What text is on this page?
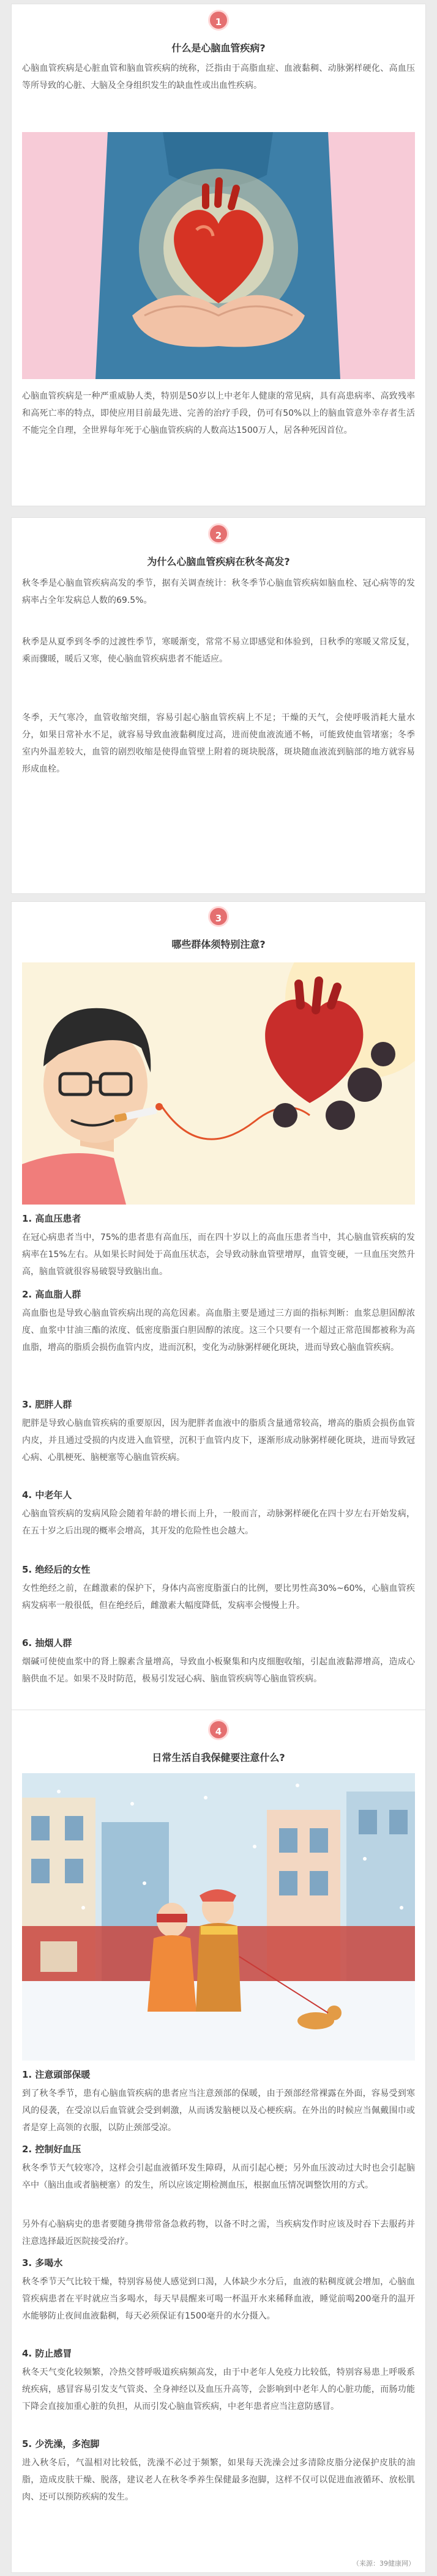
1
什么是心脑血管疾病?
心脑血管疾病是心脏血管和脑血管疾病的统称，泛指由于高脂血症、血液黏稠、动脉粥样硬化、高血压等所导致的心脏、大脑及全身组织发生的缺血性或出血性疾病。
心脑血管疾病是一种严重威胁人类，特别是50岁以上中老年人健康的常见病，具有高患病率、高致残率和高死亡率的特点，即使应用目前最先进、完善的治疗手段，仍可有50%以上的脑血管意外幸存者生活不能完全自理，全世界每年死于心脑血管疾病的人数高达1500万人，居各种死因首位。
2
为什么心脑血管疾病在秋冬高发?
秋冬季是心脑血管疾病高发的季节，据有关调查统计：秋冬季节心脑血管疾病如脑血栓、冠心病等的发病率占全年发病总人数的69.5%。
秋季是从夏季到冬季的过渡性季节，寒暖渐变，常常不易立即感觉和体验到，日秋季的寒暖又常反复，乘而骤暖，暖后又寒，使心脑血管疾病患者不能适应。
冬季，天气寒冷，血管收缩突细，容易引起心脑血管疾病上不足；干燥的天气，会使呼吸消耗大量水分，如果日常补水不足，就容易导致血液黏稠度过高，进而使血液流通不畅，可能致使血管堵塞；冬季室内外温差较大，血管的剧烈收缩是使得血管壁上附着的斑块脱落，斑块随血液流到脑部的地方就容易形成血栓。
3
哪些群体须特别注意?
1. 高血压患者
在冠心病患者当中，75%的患者患有高血压，而在四十岁以上的高血压患者当中，其心脑血管疾病的发病率在15%左右。从如果长时间处于高血压状态，会导致动脉血管壁增厚，血管变硬，一旦血压突然升高，脑血管就很容易破裂导致脑出血。
2. 高血脂人群
高血脂也是导致心脑血管疾病出现的高危因素。高血脂主要是通过三方面的指标判断：血浆总胆固醇浓度、血浆中甘油三酯的浓度、低密度脂蛋白胆固醇的浓度。这三个只要有一个超过正常范围都被称为高血脂，增高的脂质会损伤血管内皮，进而沉积，变化为动脉粥样硬化斑块，进而导致心脑血管疾病。
3. 肥胖人群
肥胖是导致心脑血管疾病的重要原因，因为肥胖者血液中的脂质含量通常较高，增高的脂质会损伤血管内皮，并且通过受损的内皮进入血管壁，沉积于血管内皮下，逐渐形成动脉粥样硬化斑块，进而导致冠心病、心肌梗死、脑梗塞等心脑血管疾病。
4. 中老年人
心脑血管疾病的发病风险会随着年龄的增长而上升，一般而言，动脉粥样硬化在四十岁左右开始发病，在五十岁之后出现的概率会增高，其开发的危险性也会越大。
5. 绝经后的女性
女性绝经之前，在雌激素的保护下，身体内高密度脂蛋白的比例，要比男性高30%~60%，心脑血管疾病发病率一般很低，但在绝经后，雌激素大幅度降低，发病率会慢慢上升。
6. 抽烟人群
烟碱可使使血浆中的肾上腺素含量增高，导致血小板聚集和内皮细胞收缩，引起血液黏滞增高，造成心脑供血不足。如果不及时防范，极易引发冠心病、脑血管疾病等心脑血管疾病。
4
日常生活自我保健要注意什么?
1. 注意頭部保暖
到了秋冬季节，患有心脑血管疾病的患者应当注意颈部的保暖，由于颈部经常裸露在外面，容易受到寒风的侵袭，在受凉以后血管就会受到刺激，从而诱发脑梗以及心梗疾病。在外出的时候应当佩戴围巾或者是穿上高领的衣服，以防止颈部受凉。
2. 控制好血压
秋冬季节天气较寒冷，这样会引起血液循环发生障碍，从而引起心梗；另外血压波动过大时也会引起脑卒中（脑出血或者脑梗塞）的发生，所以应该定期检测血压，根据血压情况调整饮用的方式。
另外有心脑病史的患者要随身携带常备急救药物，以备不时之需，当疾病发作时应该及时吞下去服药并注意选择最近医院接受治疗。
3. 多喝水
秋冬季节天气比较干燥，特别容易使人感觉到口渴，人体缺少水分后，血液的粘稠度就会增加，心脑血管疾病患者在平时就应当多喝水，每天早晨醒来可喝一杯温开水来稀释血液，睡觉前喝200毫升的温开水能够防止夜间血液黏稠，每天必须保证有1500毫升的水分摄入。
4. 防止感冒
秋冬天气变化较频繁，冷热交替呼吸道疾病频高发，由于中老年人免疫力比较低，特别容易患上呼吸系统疾病，感冒容易引发支气管炎、全身神经以及血压升高等，会影响到中老年人的心脏功能，而肠功能下降会直接加重心脏的负担，从而引发心脑血管疾病，中老年患者应当注意防感冒。
5. 少洗澡，多泡脚
进入秋冬后，气温相对比较低，洗澡不必过于频繁，如果每天洗澡会过多清除皮脂分泌保护皮肤的油脂，造成皮肤干燥、脱落，建议老人在秋冬季养生保健最多泡脚，这样不仅可以促进血液循环、放松肌肉、还可以预防疾病的发生。
（来源：39健康网）
